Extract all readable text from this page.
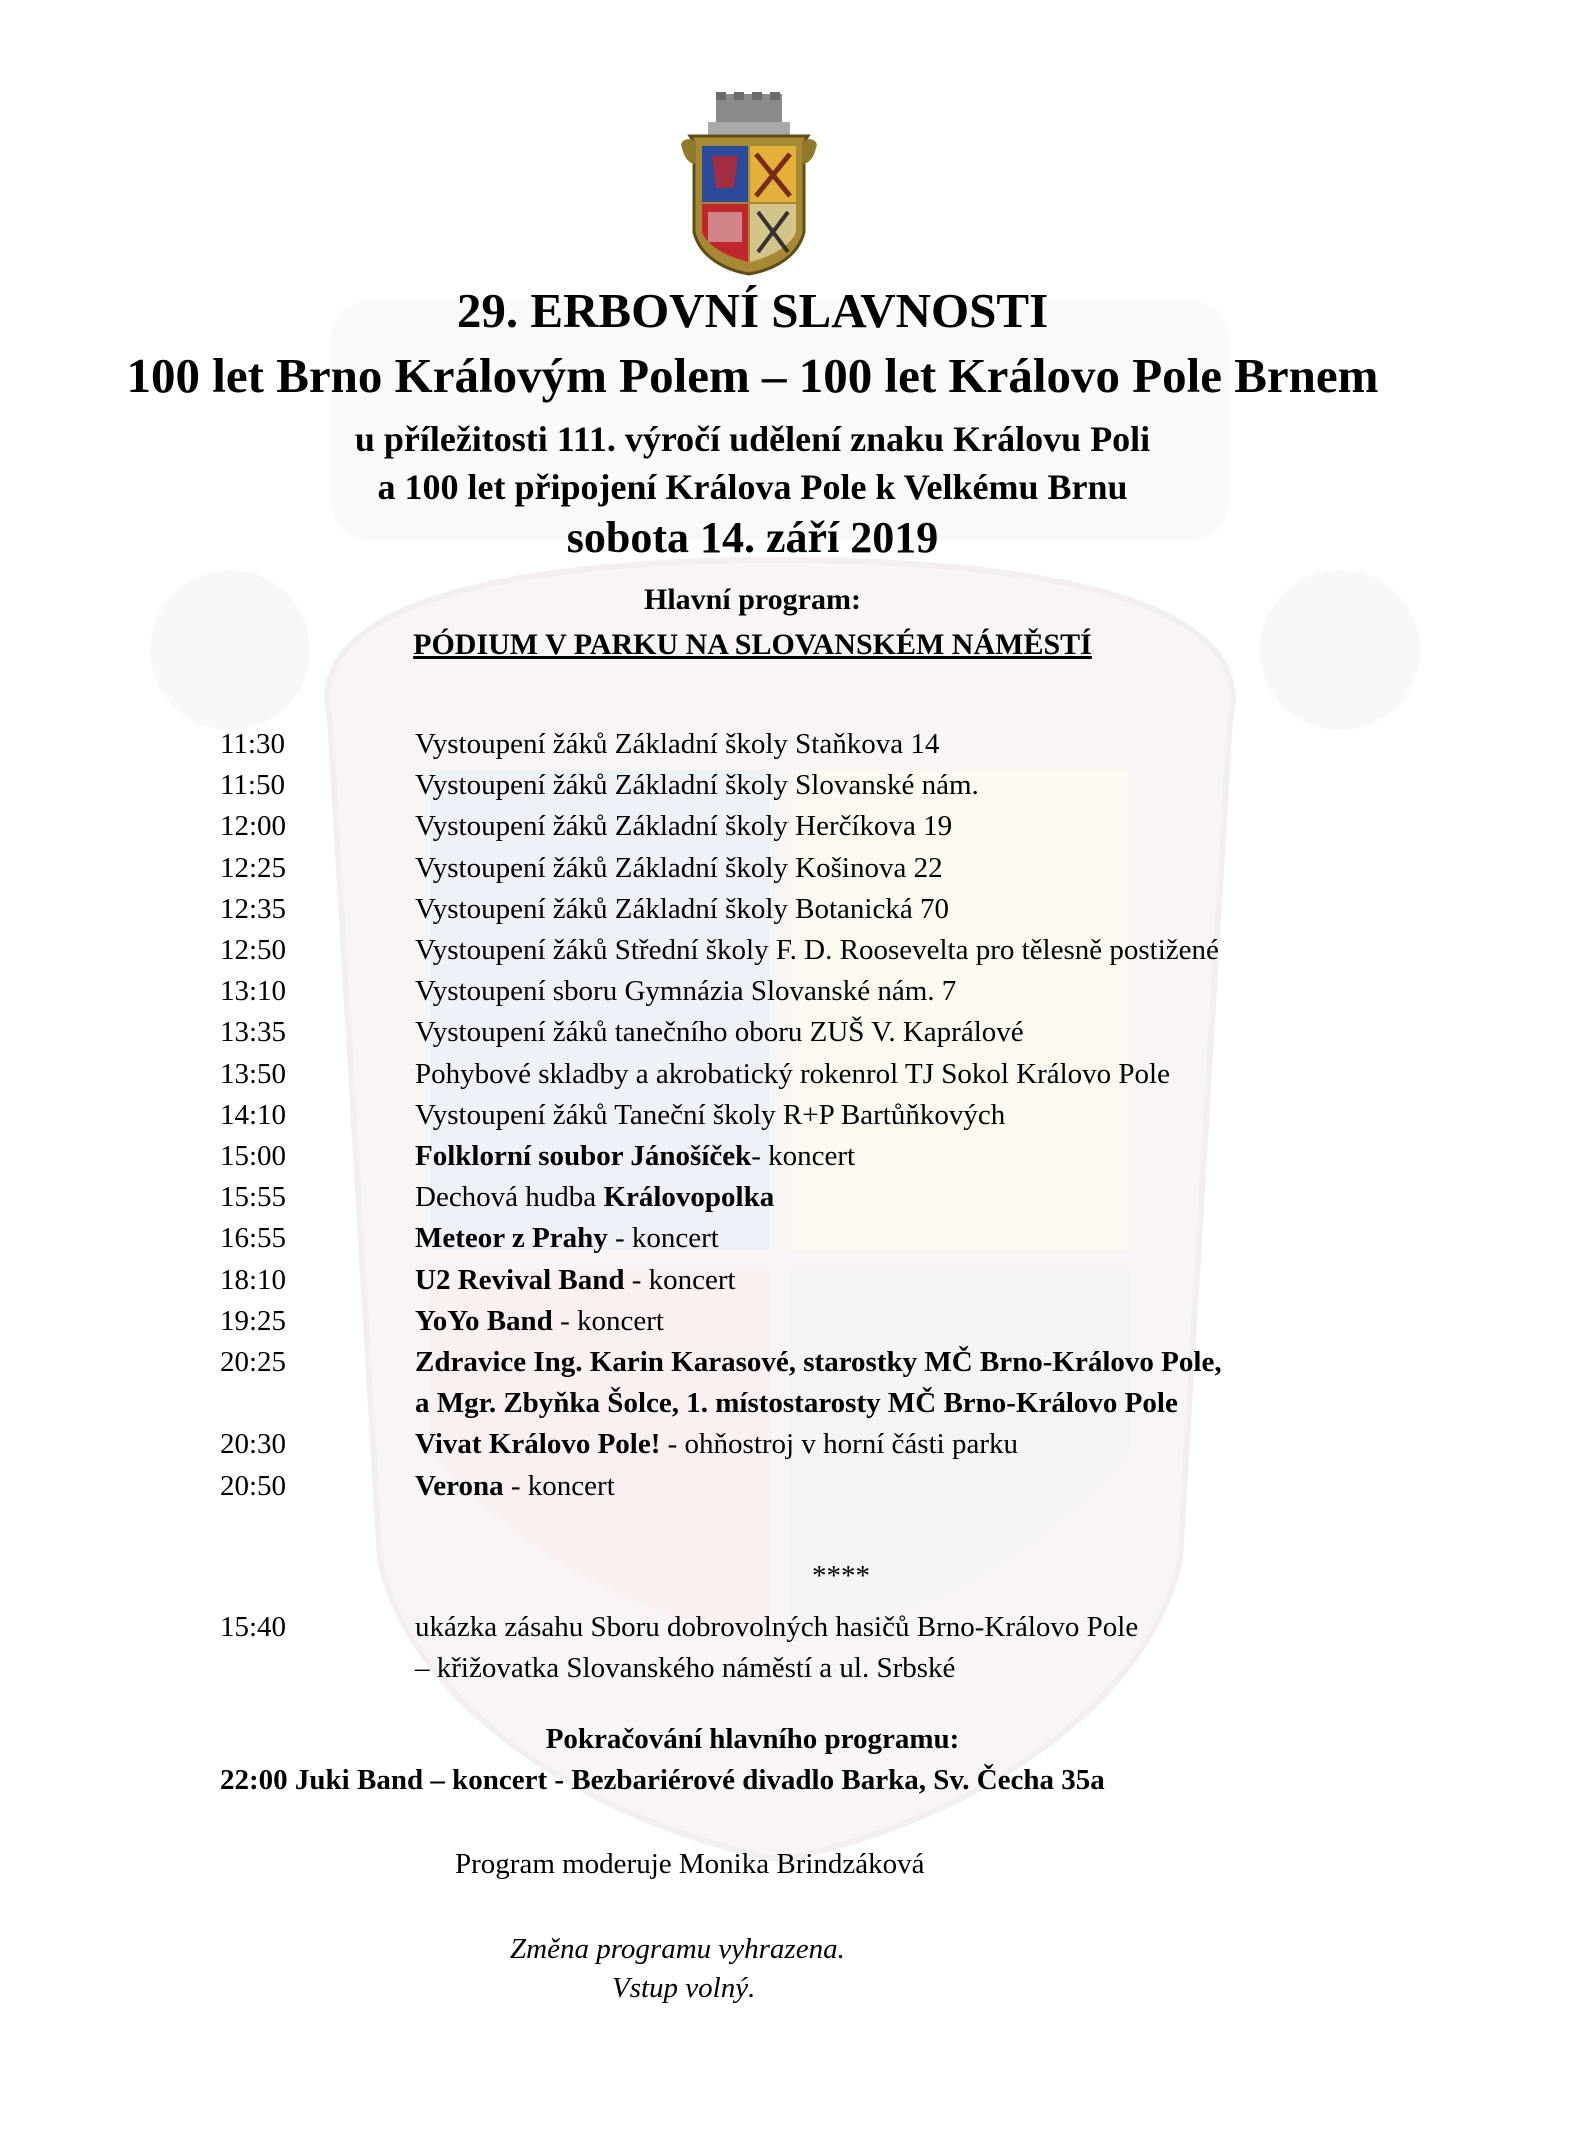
29. ERBOVNÍ SLAVNOSTI
100 let Brno Královým Polem – 100 let Královo Pole Brnem
u příležitosti 111. výročí udělení znaku Královu Poli
a 100 let připojení Králova Pole k Velkému Brnu
sobota 14. září 2019
Hlavní program:
PÓDIUM V PARKU NA SLOVANSKÉM NÁMĚSTÍ
11:30	Vystoupení žáků Základní školy Staňkova 14
11:50	Vystoupení žáků Základní školy Slovanské nám.
12:00	Vystoupení žáků Základní školy Herčíkova 19
12:25	Vystoupení žáků Základní školy Košinova 22
12:35	Vystoupení žáků Základní školy Botanická 70
12:50	Vystoupení žáků Střední školy F. D. Roosevelta pro tělesně postižené
13:10	Vystoupení sboru Gymnázia Slovanské nám. 7
13:35	Vystoupení žáků tanečního oboru ZUŠ V. Kaprálové
13:50	Pohybové skladby a akrobatický rokenrol TJ Sokol Královo Pole
14:10	Vystoupení žáků Taneční školy R+P Bartůňkových
15:00	Folklorní soubor Jánošíček- koncert
15:55	Dechová hudba Královopolka
16:55	Meteor z Prahy - koncert
18:10	U2 Revival Band - koncert
19:25	YoYo Band - koncert
20:25	Zdravice Ing. Karin Karasové, starostky MČ Brno-Královo Pole,
a Mgr. Zbyňka Šolce, 1. místostarosty MČ Brno-Královo Pole
20:30	Vivat Královo Pole! - ohňostroj v horní části parku
20:50	Verona - koncert
****
15:40	ukázka zásahu Sboru dobrovolných hasičů Brno-Královo Pole
– křižovatka Slovanského náměstí a ul. Srbské
Pokračování hlavního programu:
22:00 Juki Band – koncert - Bezbariérové divadlo Barka, Sv. Čecha 35a
Program moderuje Monika Brindzáková
Změna programu vyhrazena.
Vstup volný.
